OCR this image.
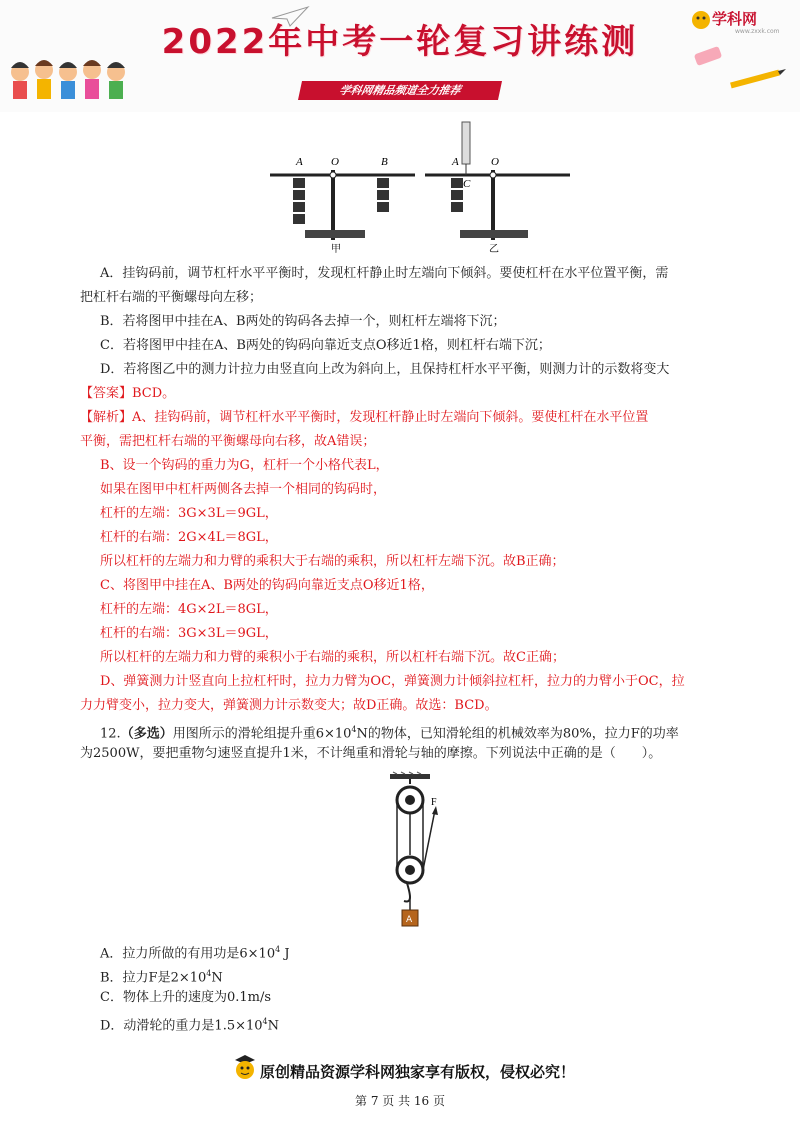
2022年中考一轮复习讲练测
学科网精品频道全力推荐
学科网
www.zxxk.com
A	O	B	A	O
C
甲	乙
A．挂钩码前，调节杠杆水平平衡时，发现杠杆静止时左端向下倾斜。要使杠杆在水平位置平衡，需
把杠杆右端的平衡螺母向左移；
B．若将图甲中挂在A、B两处的钩码各去掉一个，则杠杆左端将下沉；
C．若将图甲中挂在A、B两处的钩码向靠近支点O移近1格，则杠杆右端下沉；
D．若将图乙中的测力计拉力由竖直向上改为斜向上，且保持杠杆水平平衡，则测力计的示数将变大
【答案】BCD。
【解析】A、挂钩码前，调节杠杆水平平衡时，发现杠杆静止时左端向下倾斜。要使杠杆在水平位置
平衡，需把杠杆右端的平衡螺母向右移，故A错误；
B、设一个钩码的重力为G，杠杆一个小格代表L，
如果在图甲中杠杆两侧各去掉一个相同的钩码时，
杠杆的左端：3G×3L＝9GL，
杠杆的右端：2G×4L＝8GL，
所以杠杆的左端力和力臂的乘积大于右端的乘积，所以杠杆左端下沉。故B正确；
C、将图甲中挂在A、B两处的钩码向靠近支点O移近1格，
杠杆的左端：4G×2L＝8GL，
杠杆的右端：3G×3L＝9GL，
所以杠杆的左端力和力臂的乘积小于右端的乘积，所以杠杆右端下沉。故C正确；
D、弹簧测力计竖直向上拉杠杆时，拉力力臂为OC，弹簧测力计倾斜拉杠杆，拉力的力臂小于OC，拉
力力臂变小，拉力变大，弹簧测力计示数变大；故D正确。故选：BCD。
12.（多选）用图所示的滑轮组提升重$6\times 10^4N$的物体，已知滑轮组的机械效率为80%，拉力F的功率
为2500W，要把重物匀速竖直提升1米，不计绳重和滑轮与轴的摩擦。下列说法中正确的是（　　）。
F
A
A．拉力所做的有用功是$6\times 10^4$ J
B．拉力F是$2\times 10^4N$
C．物体上升的速度为0.1m/s
D．动滑轮的重力是$1.5\times 10^4N$
原创精品资源学科网独家享有版权，侵权必究！
第 7 页 共 16 页
